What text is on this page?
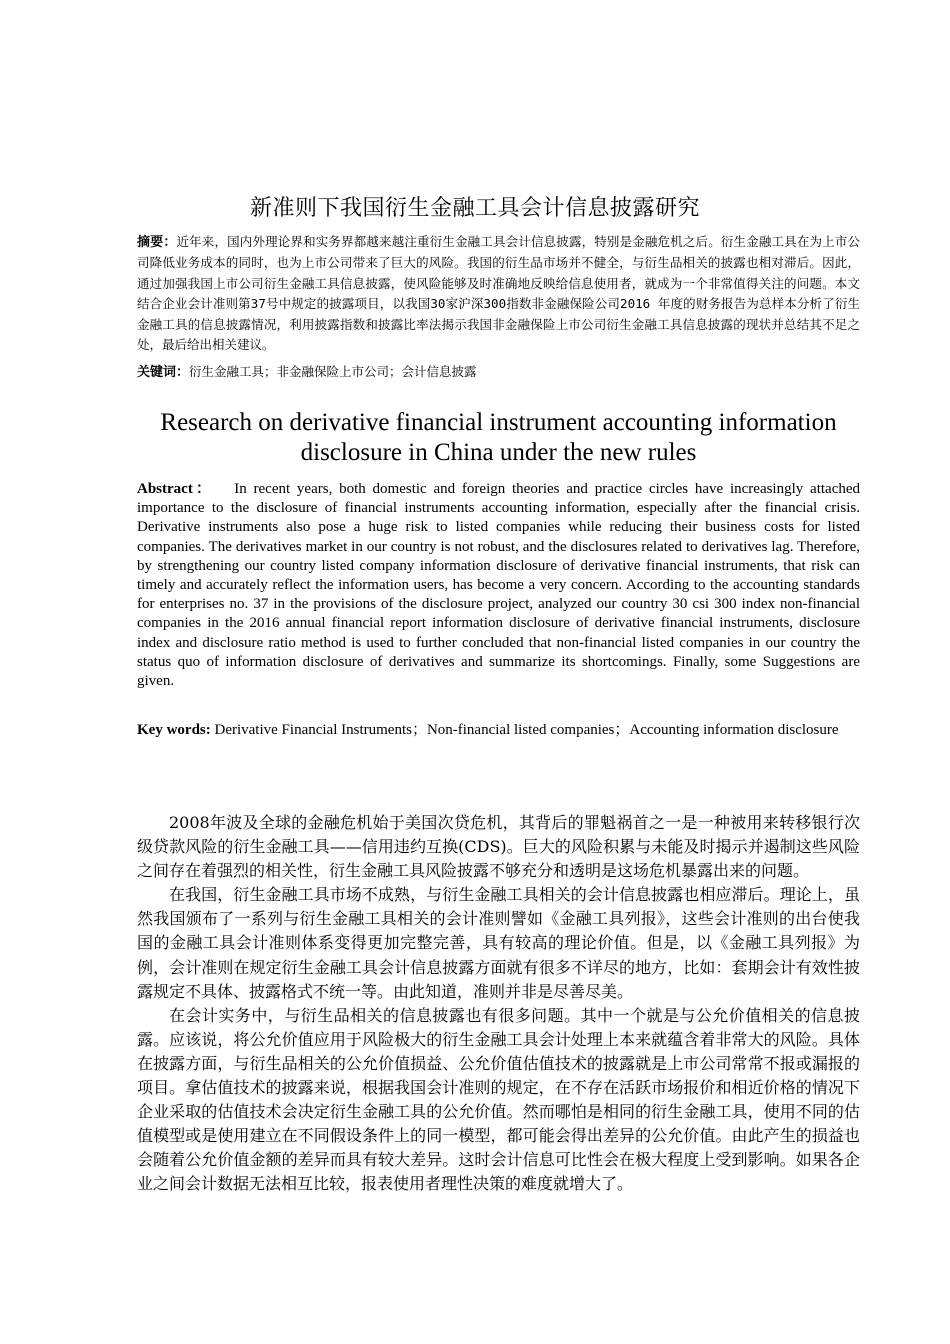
新准则下我国衍生金融工具会计信息披露研究
摘要：近年来，国内外理论界和实务界都越来越注重衍生金融工具会计信息披露，特别是金融危机之后。衍生金融工具在为上市公司降低业务成本的同时，也为上市公司带来了巨大的风险。我国的衍生品市场并不健全，与衍生品相关的披露也相对滞后。因此，通过加强我国上市公司衍生金融工具信息披露，使风险能够及时准确地反映给信息使用者，就成为一个非常值得关注的问题。本文结合企业会计准则第37号中规定的披露项目，以我国30家沪深300指数非金融保险公司2016 年度的财务报告为总样本分析了衍生金融工具的信息披露情况，利用披露指数和披露比率法揭示我国非金融保险上市公司衍生金融工具信息披露的现状并总结其不足之处，最后给出相关建议。
关键词：衍生金融工具；非金融保险上市公司；会计信息披露
Research on derivative financial instrument accounting information disclosure in China under the new rules
Abstract： In recent years, both domestic and foreign theories and practice circles have increasingly attached importance to the disclosure of financial instruments accounting information, especially after the financial crisis. Derivative instruments also pose a huge risk to listed companies while reducing their business costs for listed companies. The derivatives market in our country is not robust, and the disclosures related to derivatives lag. Therefore, by strengthening our country listed company information disclosure of derivative financial instruments, that risk can timely and accurately reflect the information users, has become a very concern. According to the accounting standards for enterprises no. 37 in the provisions of the disclosure project, analyzed our country 30 csi 300 index non-financial companies in the 2016 annual financial report information disclosure of derivative financial instruments, disclosure index and disclosure ratio method is used to further concluded that non-financial listed companies in our country the status quo of information disclosure of derivatives and summarize its shortcomings. Finally, some Suggestions are given.
Key words: Derivative Financial Instruments；Non-financial listed companies；Accounting information disclosure

2008年波及全球的金融危机始于美国次贷危机，其背后的罪魁祸首之一是一种被用来转移银行次级贷款风险的衍生金融工具——信用违约互换(CDS)。巨大的风险积累与未能及时揭示并遏制这些风险之间存在着强烈的相关性，衍生金融工具风险披露不够充分和透明是这场危机暴露出来的问题。

在我国，衍生金融工具市场不成熟，与衍生金融工具相关的会计信息披露也相应滞后。理论上，虽然我国颁布了一系列与衍生金融工具相关的会计准则譬如《金融工具列报》，这些会计准则的出台使我国的金融工具会计准则体系变得更加完整完善，具有较高的理论价值。但是，以《金融工具列报》为例，会计准则在规定衍生金融工具会计信息披露方面就有很多不详尽的地方，比如：套期会计有效性披露规定不具体、披露格式不统一等。由此知道，准则并非是尽善尽美。

在会计实务中，与衍生品相关的信息披露也有很多问题。其中一个就是与公允价值相关的信息披露。应该说，将公允价值应用于风险极大的衍生金融工具会计处理上本来就蕴含着非常大的风险。具体在披露方面，与衍生品相关的公允价值损益、公允价值估值技术的披露就是上市公司常常不报或漏报的项目。拿估值技术的披露来说，根据我国会计准则的规定，在不存在活跃市场报价和相近价格的情况下企业采取的估值技术会决定衍生金融工具的公允价值。然而哪怕是相同的衍生金融工具，使用不同的估值模型或是使用建立在不同假设条件上的同一模型，都可能会得出差异的公允价值。由此产生的损益也会随着公允价值金额的差异而具有较大差异。这时会计信息可比性会在极大程度上受到影响。如果各企业之间会计数据无法相互比较，报表使用者理性决策的难度就增大了。
